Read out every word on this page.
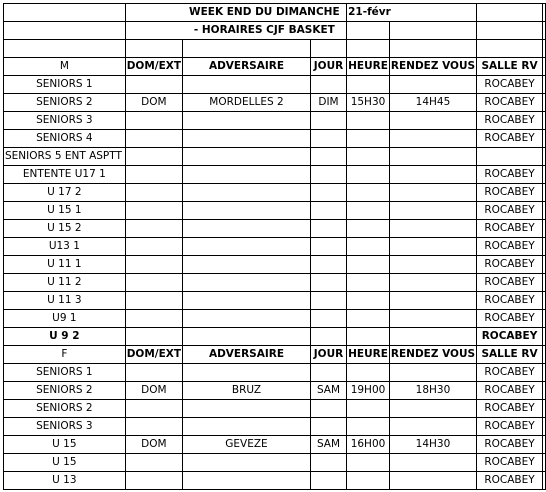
		WEEK END DU DIMANCHE		21-févr			
		- HORAIRES CJF BASKET					

M	DOM/EXT	ADVERSAIRE	JOUR	HEURE	RENDEZ VOUS	SALLE RV	
SENIORS 1						ROCABEY	
SENIORS 2	DOM	MORDELLES 2	DIM	15H30	14H45	ROCABEY	
SENIORS 3						ROCABEY	
SENIORS 4						ROCABEY	
SENIORS 5 ENT ASPTT							
ENTENTE U17 1						ROCABEY	
U 17 2						ROCABEY	
U 15 1						ROCABEY	
U 15 2						ROCABEY	
U13 1						ROCABEY	
U 11 1						ROCABEY	
U 11 2						ROCABEY	
U 11 3						ROCABEY	
U9 1						ROCABEY	
U 9 2						ROCABEY	
F	DOM/EXT	ADVERSAIRE	JOUR	HEURE	RENDEZ VOUS	SALLE RV	
SENIORS 1						ROCABEY	
SENIORS 2	DOM	BRUZ	SAM	19H00	18H30	ROCABEY	
SENIORS 2						ROCABEY	
SENIORS 3						ROCABEY	
U 15	DOM	GEVEZE	SAM	16H00	14H30	ROCABEY	
U 15						ROCABEY	
U 13						ROCABEY	
